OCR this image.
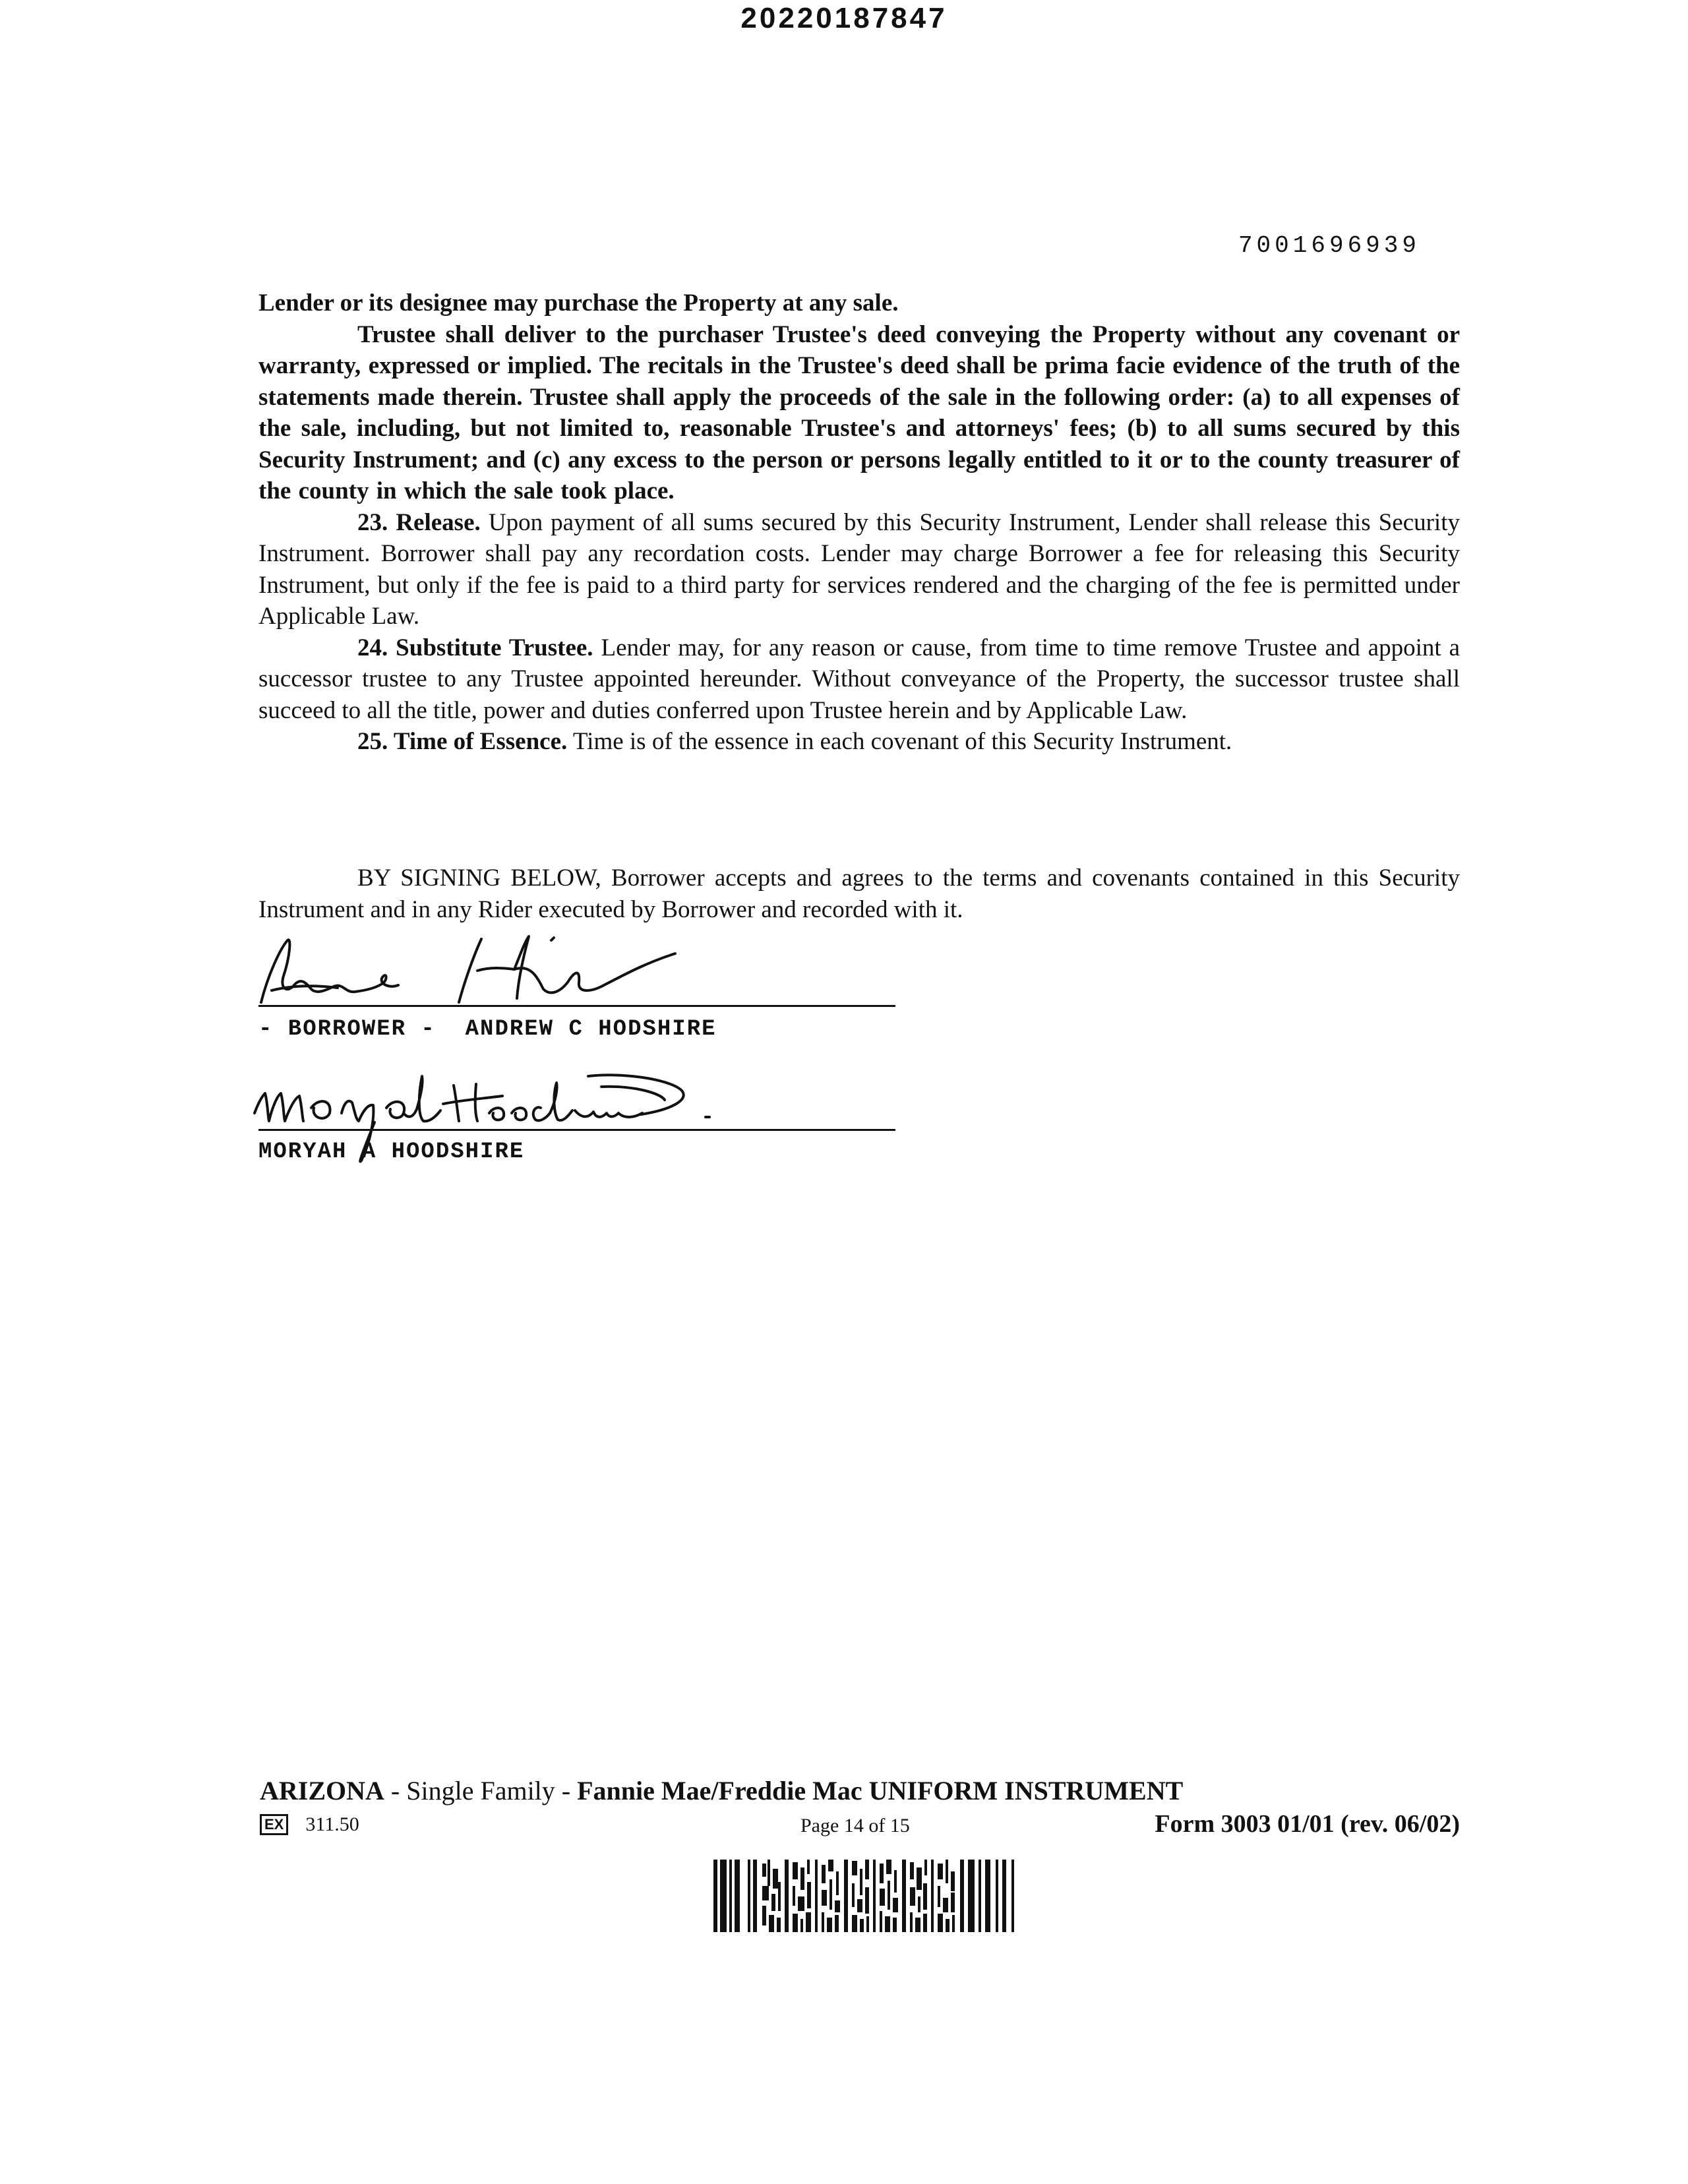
20220187847
7001696939

Lender or its designee may purchase the Property at any sale.

Trustee shall deliver to the purchaser Trustee's deed conveying the Property without any covenant or warranty, expressed or implied. The recitals in the Trustee's deed shall be prima facie evidence of the truth of the statements made therein. Trustee shall apply the proceeds of the sale in the following order: (a) to all expenses of the sale, including, but not limited to, reasonable Trustee's and attorneys' fees; (b) to all sums secured by this Security Instrument; and (c) any excess to the person or persons legally entitled to it or to the county treasurer of the county in which the sale took place.

23. Release. Upon payment of all sums secured by this Security Instrument, Lender shall release this Security Instrument. Borrower shall pay any recordation costs. Lender may charge Borrower a fee for releasing this Security Instrument, but only if the fee is paid to a third party for services rendered and the charging of the fee is permitted under Applicable Law.

24. Substitute Trustee. Lender may, for any reason or cause, from time to time remove Trustee and appoint a successor trustee to any Trustee appointed hereunder. Without conveyance of the Property, the successor trustee shall succeed to all the title, power and duties conferred upon Trustee herein and by Applicable Law.

25. Time of Essence. Time is of the essence in each covenant of this Security Instrument.

BY SIGNING BELOW, Borrower accepts and agrees to the terms and covenants contained in this Security Instrument and in any Rider executed by Borrower and recorded with it.

- BORROWER -  ANDREW C HODSHIRE
MORYAH A HOODSHIRE
ARIZONA - Single Family - Fannie Mae/Freddie Mac UNIFORM INSTRUMENT
EX 311.50	Page 14 of 15	Form 3003 01/01 (rev. 06/02)
